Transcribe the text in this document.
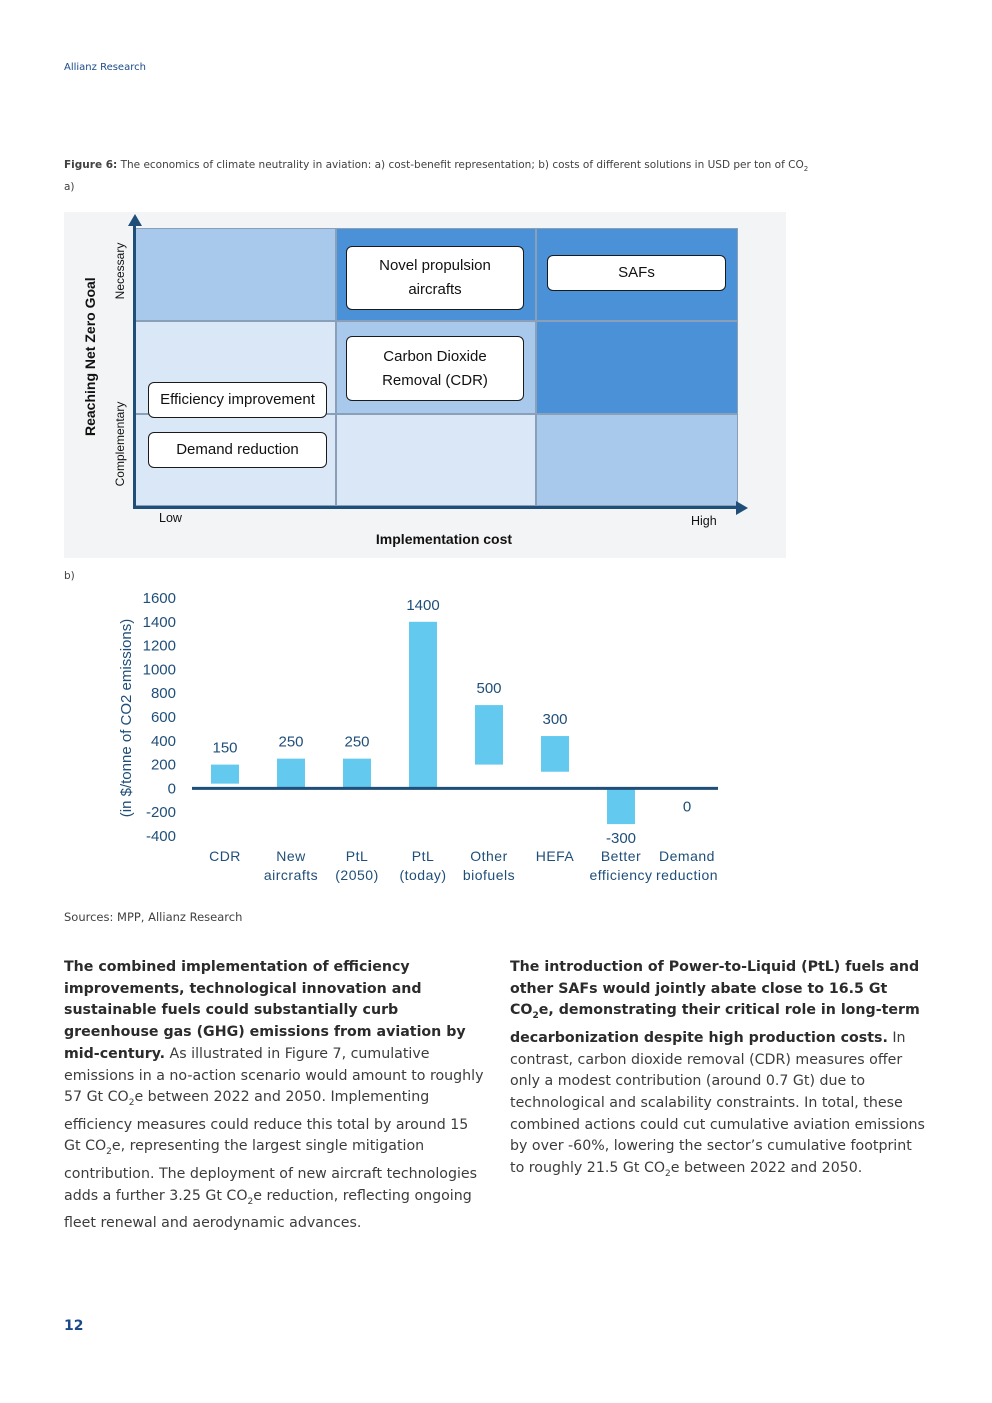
Allianz Research
Figure 6: The economics of climate neutrality in aviation: a) cost-benefit representation; b) costs of different solutions in USD per ton of $CO_2$
a)
Novel propulsion
aircrafts
SAFs
Carbon Dioxide
Removal (CDR)
Efficiency improvement
Demand reduction
Reaching Net Zero Goal
Necessary
Complementary
Low	High
Implementation cost
b)
(in $/tonne of CO2 emissions)
1600
1400
1200
1000
800
600
400
200
0
-200
-400
150	250	250
1400
500
300
-300
0
CDR	New
aircrafts
PtL
(2050)
PtL
(today)
Other
biofuels
HEFA Better
efficiency
Demand
reduction
Sources: MPP, Allianz Research
The combined implementation of efficiency improvements, technological innovation and sustainable fuels could substantially curb greenhouse gas (GHG) emissions from aviation by mid-century. As illustrated in Figure 7, cumulative emissions in a no-action scenario would amount to roughly 57 Gt $CO_2e$ between 2022 and 2050. Implementing efficiency measures could reduce this total by around 15 Gt $CO_2e$, representing the largest single mitigation contribution. The deployment of new aircraft technologies adds a further 3.25 Gt $CO_2e$ reduction, reflecting ongoing fleet renewal and aerodynamic advances.
The introduction of Power-to-Liquid (PtL) fuels and other SAFs would jointly abate close to 16.5 Gt $CO_2e$, demonstrating their critical role in long-term decarbonization despite high production costs. In contrast, carbon dioxide removal (CDR) measures offer only a modest contribution (around 0.7 Gt) due to technological and scalability constraints. In total, these combined actions could cut cumulative aviation emissions by over -60%, lowering the sector’s cumulative footprint to roughly 21.5 Gt $CO_2e$ between 2022 and 2050.
12
